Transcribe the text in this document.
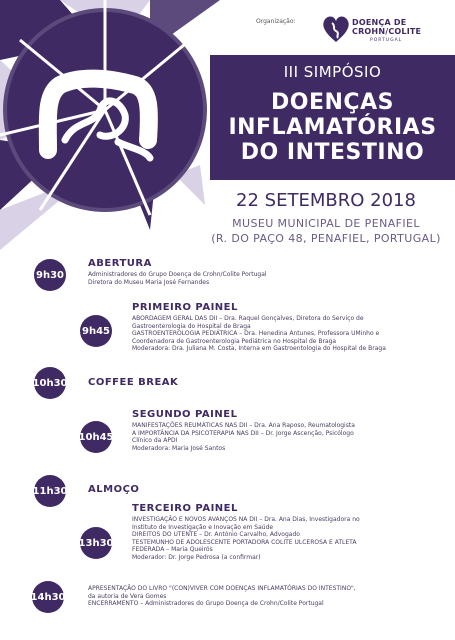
Organização:	DOENÇA DE
CROHN/COLITE
PORTUGAL
III SIMPÓSIO
DOENÇAS
INFLAMATÓRIAS
DO INTESTINO
22 SETEMBRO 2018
MUSEU MUNICIPAL DE PENAFIEL
(R. DO PAÇO 48, PENAFIEL, PORTUGAL)
9h30
ABERTURA
Administradores do Grupo Doença de Crohn/Colite Portugal
Diretora do Museu Maria José Fernandes
9h45
PRIMEIRO PAINEL
ABORDAGEM GERAL DAS DII – Dra. Raquel Gonçalves, Diretora do Serviço de
Gastroenterologia do Hospital de Braga
GASTROENTEROLOGIA PEDIÁTRICA – Dra. Henedina Antunes, Professora UMinho e
Coordenadora de Gastroenterologia Pediátrica no Hospital de Braga
Moderadora: Dra. Juliana M. Costa, Interna em Gastroentologia do Hospital de Braga
10h30 COFFEE BREAK
10h45
SEGUNDO PAINEL
MANIFESTAÇÕES REUMÁTICAS NAS DII – Dra. Ana Raposo, Reumatologista
A IMPORTÂNCIA DA PSICOTERAPIA NAS DII – Dr. Jorge Ascenção, Psicólogo
Clínico da APDI
Moderadora: Maria José Santos
11h30 ALMOÇO
13h30
TERCEIRO PAINEL
INVESTIGAÇÃO E NOVOS AVANÇOS NA DII – Dra. Ana Dias, Investigadora no
Instituto de Investigação e Inovação em Saúde
DIREITOS DO UTENTE – Dr. António Carvalho, Advogado
TESTEMUNHO DE ADOLESCENTE PORTADORA COLITE ULCEROSA E ATLETA
FEDERADA – Maria Queirós
Moderador: Dr. Jorge Pedrosa (a confirmar)
14h30
APRESENTAÇÃO DO LIVRO "(CON)VIVER COM DOENÇAS INFLAMATÓRIAS DO INTESTINO",
da autoria de Vera Gomes
ENCERRAMENTO – Administradores do Grupo Doença de Crohn/Colite Portugal
